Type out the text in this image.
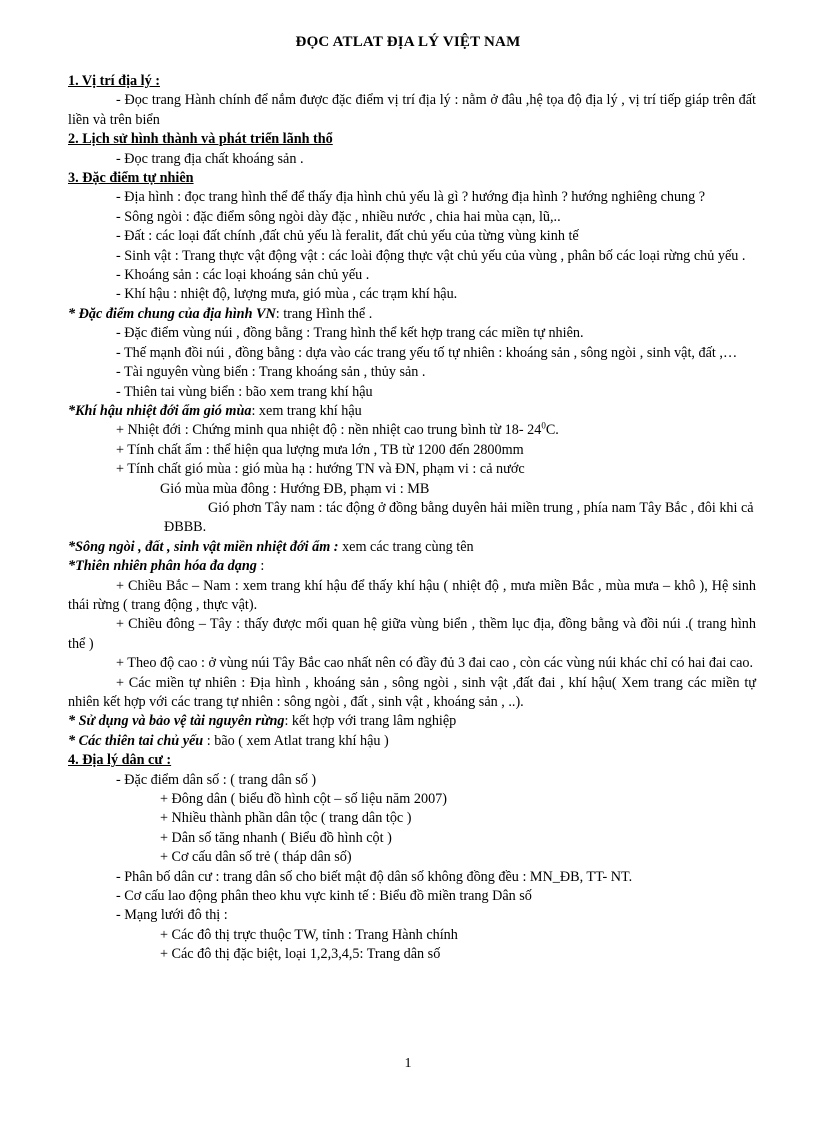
ĐỌC ATLAT ĐỊA LÝ VIỆT NAM
1. Vị trí địa lý :
- Đọc trang Hành chính để nắm được đặc điểm vị trí địa lý : nằm ở đâu ,hệ tọa độ địa lý , vị trí tiếp giáp trên đất liền và trên biển
2. Lịch sử hình thành và phát triển lãnh thổ
- Đọc trang địa chất khoáng sản .
3. Đặc điểm tự nhiên
- Địa hình : đọc trang hình thể để thấy địa hình chủ yếu là gì ? hướng địa hình ? hướng nghiêng chung ?
- Sông ngòi : đặc điểm sông ngòi dày đặc , nhiều nước , chia hai mùa cạn, lũ,..
- Đất : các loại đất chính ,đất chủ yếu là feralit, đất chủ yếu của từng vùng kinh tế
- Sinh vật : Trang thực vật động vật : các loài động thực vật chủ yếu của vùng , phân bố các loại rừng chủ yếu .
- Khoáng sản : các loại khoáng sản chủ yếu .
- Khí hậu : nhiệt độ, lượng mưa, gió mùa , các trạm khí hậu.
* Đặc điểm chung của địa hình VN: trang Hình thể .
- Đặc điểm vùng núi , đồng bằng : Trang hình thể kết hợp trang các miền tự nhiên.
- Thế mạnh đồi núi , đồng bằng : dựa vào các trang yếu tố tự nhiên : khoáng sản , sông ngòi , sinh vật, đất ,…
- Tài nguyên vùng biển : Trang khoáng sản , thủy sản .
- Thiên tai vùng biển : bão xem trang khí hậu
*Khí hậu nhiệt đới ẩm gió mùa: xem trang khí hậu
+ Nhiệt đới : Chứng minh qua nhiệt độ : nền nhiệt cao trung bình từ 18- $24^0C$.
+ Tính chất ẩm : thể hiện qua lượng mưa lớn , TB từ 1200 đến 2800mm
+ Tính chất gió mùa : gió mùa hạ : hướng TN và ĐN, phạm vi : cả nước
Gió mùa mùa đông : Hướng ĐB, phạm vi : MB
Gió phơn Tây nam : tác động ở đồng bằng duyên hải miền trung , phía nam Tây Bắc , đôi khi cả ĐBBB.
*Sông ngòi , đất , sinh vật miền nhiệt đới ẩm : xem các trang cùng tên
*Thiên nhiên phân hóa đa dạng :
+ Chiều Bắc – Nam : xem trang khí hậu để thấy khí hậu ( nhiệt độ , mưa miền Bắc , mùa mưa – khô ), Hệ sinh thái rừng ( trang động , thực vật).
+ Chiều đông – Tây : thấy được mối quan hệ giữa vùng biển , thềm lục địa, đồng bằng và đồi núi .( trang hình thể )
+ Theo độ cao : ở vùng núi Tây Bắc cao nhất nên có đầy đủ 3 đai cao , còn các vùng núi khác chỉ có hai đai cao.
+ Các miền tự nhiên : Địa hình , khoáng sản , sông ngòi , sinh vật ,đất đai , khí hậu( Xem trang các miền tự nhiên kết hợp với các trang tự nhiên : sông ngòi , đất , sinh vật , khoáng sản , ..).
* Sử dụng và bảo vệ tài nguyên rừng: kết hợp với trang lâm nghiệp
* Các thiên tai chủ yếu : bão ( xem Atlat trang khí hậu )
4. Địa lý dân cư :
- Đặc điểm dân số : ( trang dân số )
+ Đông dân ( biểu đồ hình cột – số liệu năm 2007)
+ Nhiều thành phần dân tộc ( trang dân tộc )
+ Dân số tăng nhanh ( Biểu đồ hình cột )
+ Cơ cấu dân số trẻ ( tháp dân số)
- Phân bố dân cư : trang dân số cho biết mật độ dân số không đồng đều : MN_ĐB, TT- NT.
- Cơ cấu lao động phân theo khu vực kinh tế : Biểu đồ miền trang Dân số
- Mạng lưới đô thị :
+ Các đô thị trực thuộc TW, tỉnh : Trang Hành chính
+ Các đô thị đặc biệt, loại 1,2,3,4,5: Trang dân số
1
